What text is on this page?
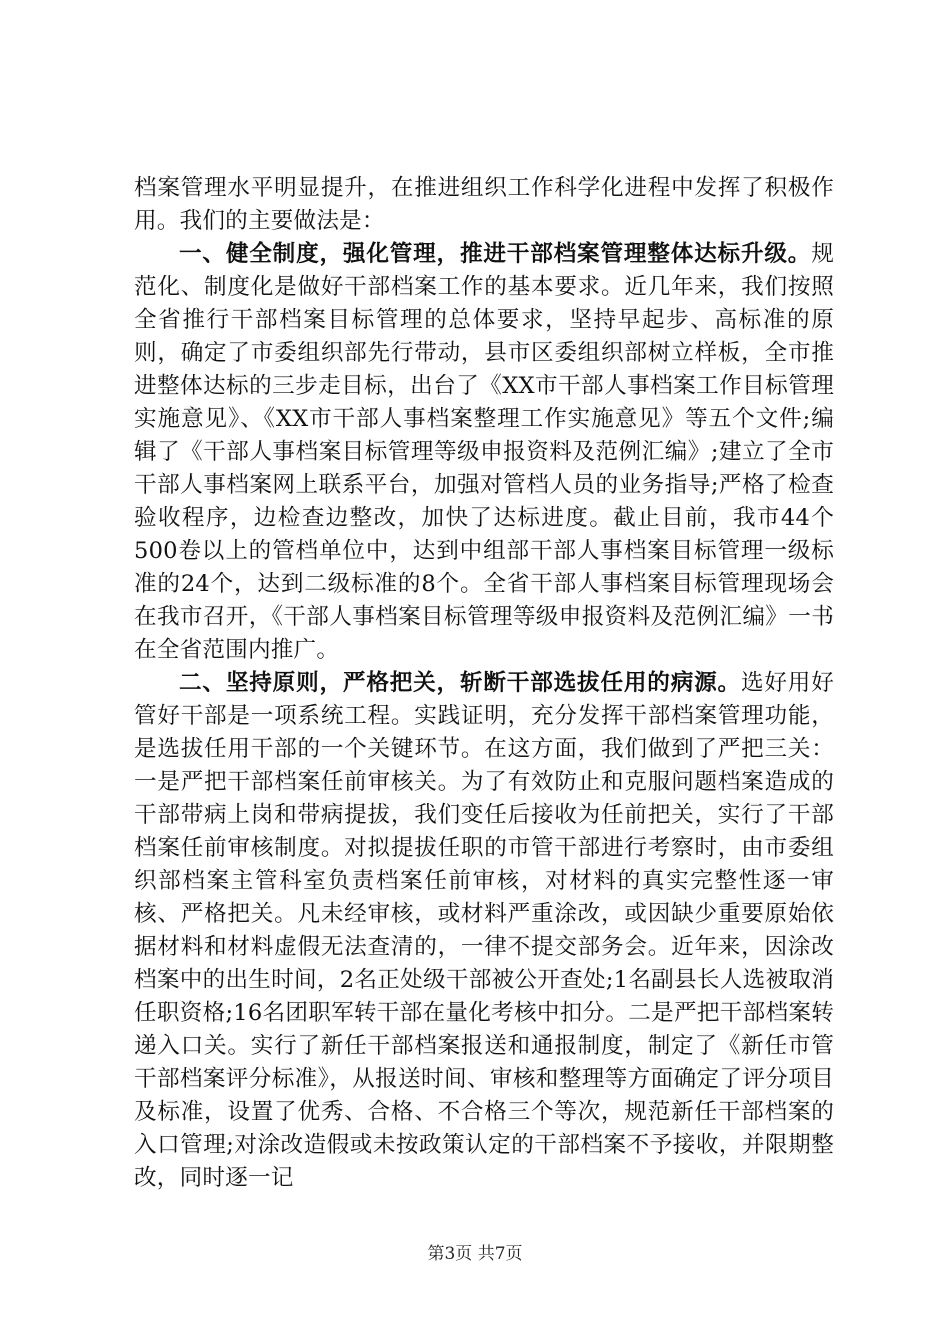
档案管理水平明显提升，在推进组织工作科学化进程中发挥了积极作用。我们的主要做法是：

一、健全制度，强化管理，推进干部档案管理整体达标升级。规范化、制度化是做好干部档案工作的基本要求。近几年来，我们按照全省推行干部档案目标管理的总体要求，坚持早起步、高标准的原则，确定了市委组织部先行带动，县市区委组织部树立样板，全市推进整体达标的三步走目标，出台了《XX市干部人事档案工作目标管理实施意见》、《XX市干部人事档案整理工作实施意见》等五个文件;编辑了《干部人事档案目标管理等级申报资料及范例汇编》;建立了全市干部人事档案网上联系平台，加强对管档人员的业务指导;严格了检查验收程序，边检查边整改，加快了达标进度。截止目前，我市44个500卷以上的管档单位中，达到中组部干部人事档案目标管理一级标准的24个，达到二级标准的8个。全省干部人事档案目标管理现场会在我市召开，《干部人事档案目标管理等级申报资料及范例汇编》一书在全省范围内推广。

二、坚持原则，严格把关，斩断干部选拔任用的病源。选好用好管好干部是一项系统工程。实践证明，充分发挥干部档案管理功能，是选拔任用干部的一个关键环节。在这方面，我们做到了严把三关：一是严把干部档案任前审核关。为了有效防止和克服问题档案造成的干部带病上岗和带病提拔，我们变任后接收为任前把关，实行了干部档案任前审核制度。对拟提拔任职的市管干部进行考察时，由市委组织部档案主管科室负责档案任前审核，对材料的真实完整性逐一审核、严格把关。凡未经审核，或材料严重涂改，或因缺少重要原始依据材料和材料虚假无法查清的，一律不提交部务会。近年来，因涂改档案中的出生时间，2名正处级干部被公开查处;1名副县长人选被取消任职资格;16名团职军转干部在量化考核中扣分。二是严把干部档案转递入口关。实行了新任干部档案报送和通报制度，制定了《新任市管干部档案评分标准》，从报送时间、审核和整理等方面确定了评分项目及标准，设置了优秀、合格、不合格三个等次，规范新任干部档案的入口管理;对涂改造假或未按政策认定的干部档案不予接收，并限期整改，同时逐一记

第3页 共7页
